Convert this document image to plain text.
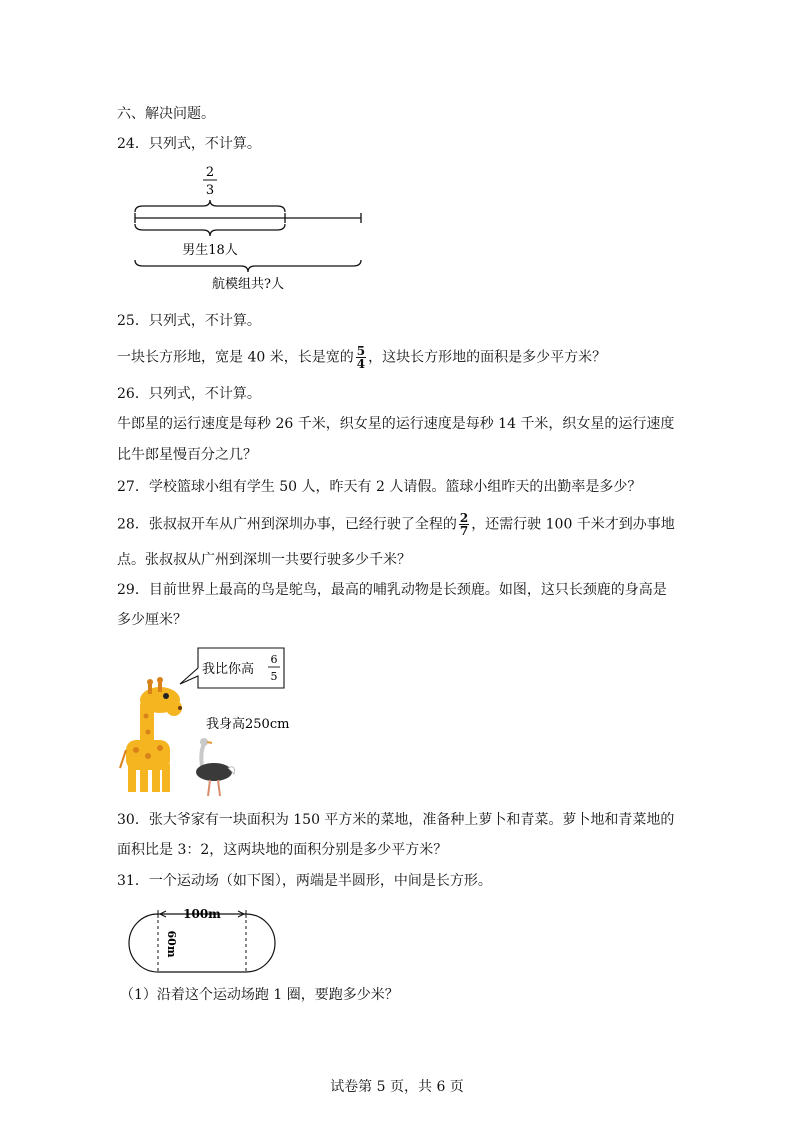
六、解决问题。
24．只列式，不计算。
2
3
男生18人
航模组共?人
25．只列式，不计算。
一块长方形地，宽是 40 米，长是宽的 $\frac{5}{4}$ ，这块长方形地的面积是多少平方米？
26．只列式，不计算。
牛郎星的运行速度是每秒 26 千米，织女星的运行速度是每秒 14 千米，织女星的运行速度
比牛郎星慢百分之几？
27．学校篮球小组有学生 50 人，昨天有 2 人请假。篮球小组昨天的出勤率是多少？
28．张叔叔开车从广州到深圳办事，已经行驶了全程的 $\frac{2}{7}$ ，还需行驶 100 千米才到办事地
点。张叔叔从广州到深圳一共要行驶多少千米？
29．目前世界上最高的鸟是鸵鸟，最高的哺乳动物是长颈鹿。如图，这只长颈鹿的身高是
多少厘米？
我比你高
6
5
我身高250cm
30．张大爷家有一块面积为 150 平方米的菜地，准备种上萝卜和青菜。萝卜地和青菜地的
面积比是 3：2，这两块地的面积分别是多少平方米？
31．一个运动场（如下图），两端是半圆形，中间是长方形。
100m
60m
（1）沿着这个运动场跑 1 圈，要跑多少米？
试卷第 5 页，共 6 页
